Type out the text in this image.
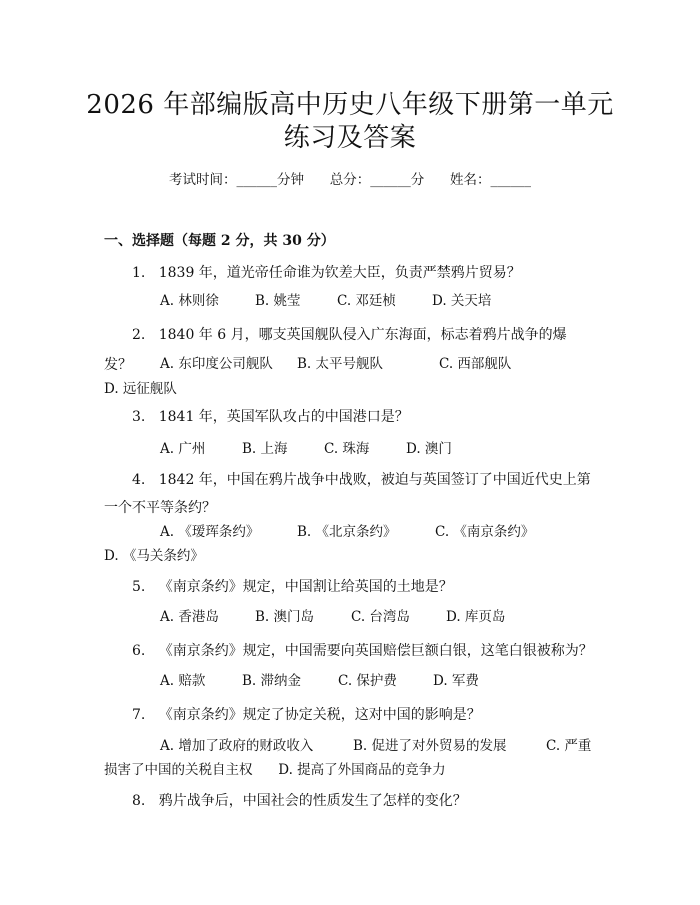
2026 年部编版高中历史八年级下册第一单元
练习及答案
考试时间：______分钟      总分：______分      姓名：______
一、选择题（每题 2 分，共 30 分）
1. 1839 年，道光帝任命谁为钦差大臣，负责严禁鸦片贸易？
A. 林则徐	B. 姚莹	C. 邓廷桢	D. 关天培
2. 1840 年 6 月，哪支英国舰队侵入广东海面，标志着鸦片战争的爆发？	A. 东印度公司舰队 B. 太平号舰队	C. 西部舰队D. 远征舰队
3. 1841 年，英国军队攻占的中国港口是？
A. 广州	B. 上海	C. 珠海	D. 澳门
4. 1842 年，中国在鸦片战争中战败，被迫与英国签订了中国近代史上第一个不平等条约？
A. 《瑷珲条约》	B. 《北京条约》	C. 《南京条约》D. 《马关条约》
5. 《南京条约》规定，中国割让给英国的土地是？
A. 香港岛	B. 澳门岛	C. 台湾岛	D. 库页岛
6. 《南京条约》规定，中国需要向英国赔偿巨额白银，这笔白银被称为？
A. 赔款	B. 滞纳金	C. 保护费	D. 军费
7. 《南京条约》规定了协定关税，这对中国的影响是？
A. 增加了政府的财政收入	B. 促进了对外贸易的发展	C. 严重损害了中国的关税自主权 D. 提高了外国商品的竞争力
8. 鸦片战争后，中国社会的性质发生了怎样的变化？
